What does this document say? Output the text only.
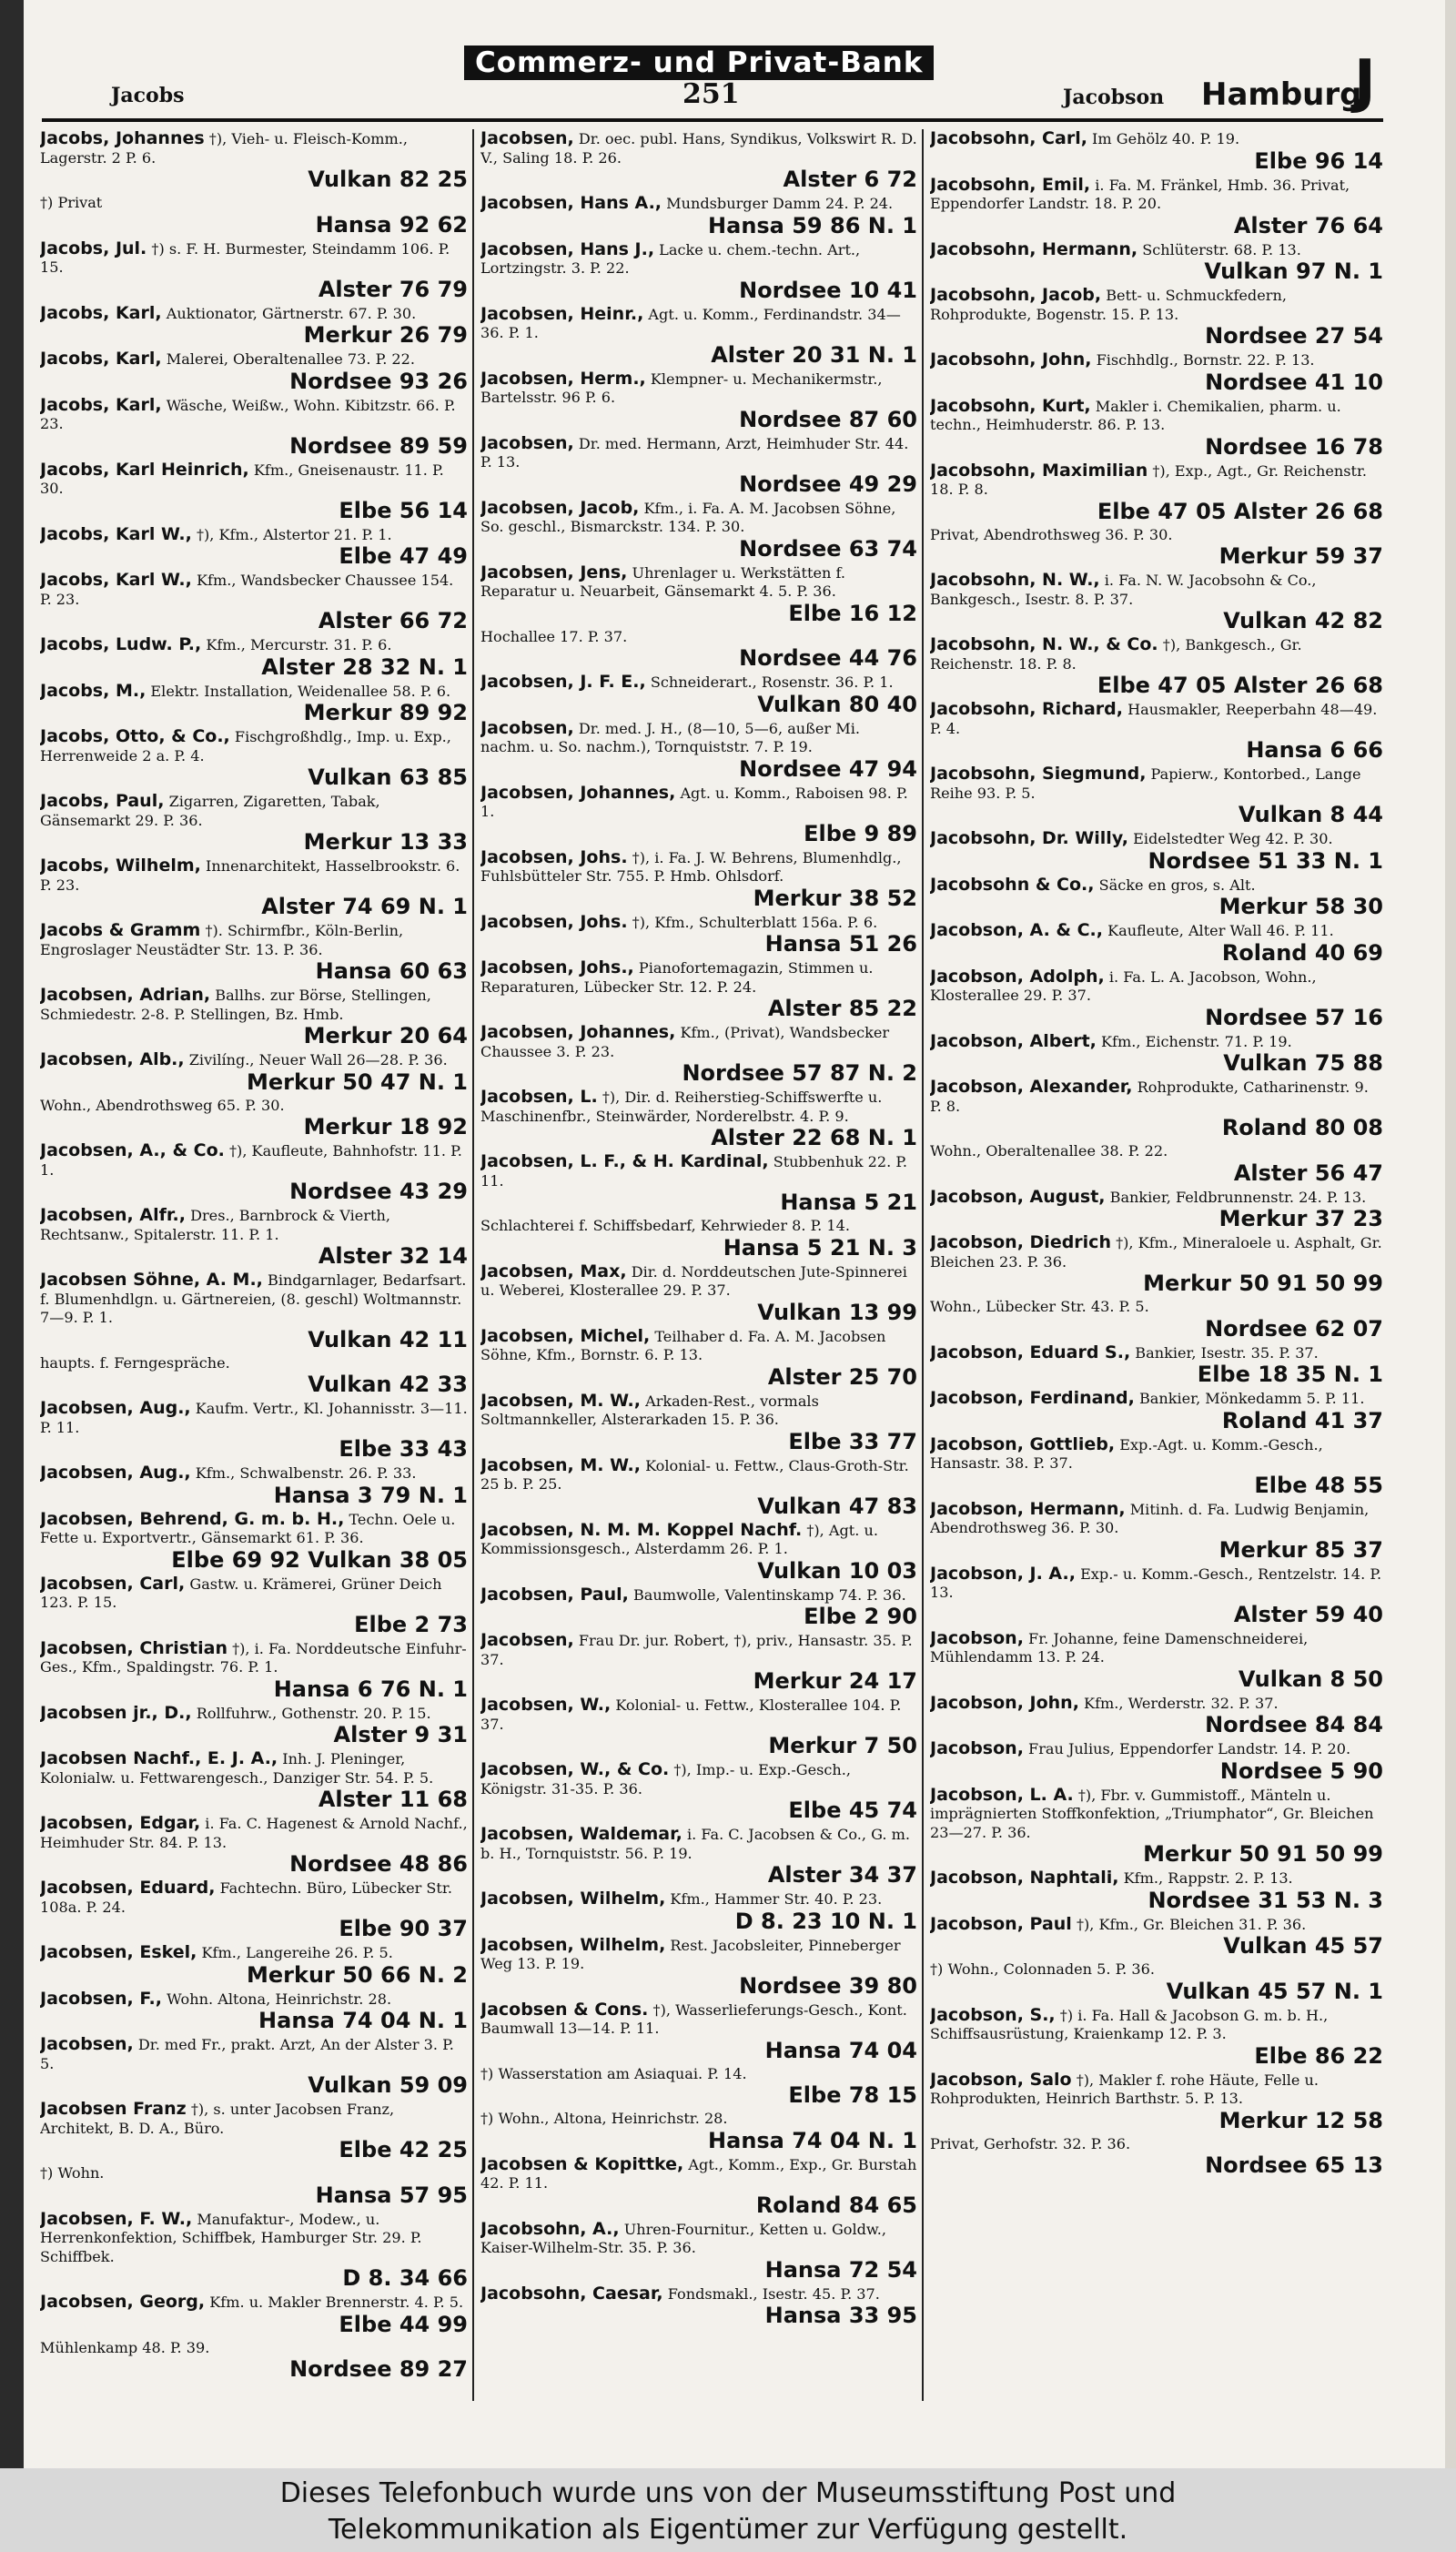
Jacobs
Commerz- und Privat-Bank
251	Jacobson Hamburg
J
Jacobs, Johannes †), Vieh- u. Fleisch-Komm., Lagerstr. 2 P. 6.
Vulkan 82 25
†) Privat
Hansa 92 62
Jacobs, Jul. †) s. F. H. Burmester, Steindamm 106. P. 15.
Alster 76 79
Jacobs, Karl, Auktionator, Gärtnerstr. 67. P. 30.
Merkur 26 79
Jacobs, Karl, Malerei, Oberaltenallee 73. P. 22.
Nordsee 93 26
Jacobs, Karl, Wäsche, Weißw., Wohn. Kibitzstr. 66. P. 23.
Nordsee 89 59
Jacobs, Karl Heinrich, Kfm., Gneisenaustr. 11. P. 30.
Elbe 56 14
Jacobs, Karl W., †), Kfm., Alstertor 21. P. 1.
Elbe 47 49
Jacobs, Karl W., Kfm., Wandsbecker Chaussee 154. P. 23.
Alster 66 72
Jacobs, Ludw. P., Kfm., Mercurstr. 31. P. 6.
Alster 28 32 N. 1
Jacobs, M., Elektr. Installation, Weidenallee 58. P. 6.
Merkur 89 92
Jacobs, Otto, & Co., Fischgroßhdlg., Imp. u. Exp., Herrenweide 2 a. P. 4.
Vulkan 63 85
Jacobs, Paul, Zigarren, Zigaretten, Tabak, Gänsemarkt 29. P. 36.
Merkur 13 33
Jacobs, Wilhelm, Innenarchitekt, Hasselbrookstr. 6. P. 23.
Alster 74 69 N. 1
Jacobs & Gramm †). Schirmfbr., Köln-Berlin, Engroslager Neustädter Str. 13. P. 36.
Hansa 60 63
Jacobsen, Adrian, Ballhs. zur Börse, Stellingen, Schmiedestr. 2-8. P. Stellingen, Bz. Hmb.
Merkur 20 64
Jacobsen, Alb., Zivilíng., Neuer Wall 26—28. P. 36.
Merkur 50 47 N. 1
Wohn., Abendrothsweg 65. P. 30.
Merkur 18 92
Jacobsen, A., & Co. †), Kaufleute, Bahnhofstr. 11. P. 1.
Nordsee 43 29
Jacobsen, Alfr., Dres., Barnbrock & Vierth, Rechtsanw., Spitalerstr. 11. P. 1.
Alster 32 14
Jacobsen Söhne, A. M., Bindgarnlager, Bedarfsart. f. Blumenhdlgn. u. Gärtnereien, (8. geschl) Woltmannstr. 7—9. P. 1.
Vulkan 42 11
haupts. f. Ferngespräche.
Vulkan 42 33
Jacobsen, Aug., Kaufm. Vertr., Kl. Johannisstr. 3—11. P. 11.
Elbe 33 43
Jacobsen, Aug., Kfm., Schwalbenstr. 26. P. 33.
Hansa 3 79 N. 1
Jacobsen, Behrend, G. m. b. H., Techn. Oele u. Fette u. Exportvertr., Gänsemarkt 61. P. 36.
Elbe 69 92 Vulkan 38 05
Jacobsen, Carl, Gastw. u. Krämerei, Grüner Deich 123. P. 15.
Elbe 2 73
Jacobsen, Christian †), i. Fa. Norddeutsche Einfuhr-Ges., Kfm., Spaldingstr. 76. P. 1.
Hansa 6 76 N. 1
Jacobsen jr., D., Rollfuhrw., Gothenstr. 20. P. 15.
Alster 9 31
Jacobsen Nachf., E. J. A., Inh. J. Pleninger, Kolonialw. u. Fettwarengesch., Danziger Str. 54. P. 5.
Alster 11 68
Jacobsen, Edgar, i. Fa. C. Hagenest & Arnold Nachf., Heimhuder Str. 84. P. 13.
Nordsee 48 86
Jacobsen, Eduard, Fachtechn. Büro, Lübecker Str. 108a. P. 24.
Elbe 90 37
Jacobsen, Eskel, Kfm., Langereihe 26. P. 5.
Merkur 50 66 N. 2
Jacobsen, F., Wohn. Altona, Heinrichstr. 28.
Hansa 74 04 N. 1
Jacobsen, Dr. med Fr., prakt. Arzt, An der Alster 3. P. 5.
Vulkan 59 09
Jacobsen Franz †), s. unter Jacobsen Franz, Architekt, B. D. A., Büro.
Elbe 42 25
†) Wohn.
Hansa 57 95
Jacobsen, F. W., Manufaktur-, Modew., u. Herrenkonfektion, Schiffbek, Hamburger Str. 29. P. Schiffbek.
D 8. 34 66
Jacobsen, Georg, Kfm. u. Makler Brennerstr. 4. P. 5.
Elbe 44 99
Mühlenkamp 48. P. 39.
Nordsee 89 27
Jacobsen, Dr. oec. publ. Hans, Syndikus, Volkswirt R. D. V., Saling 18. P. 26.
Alster 6 72
Jacobsen, Hans A., Mundsburger Damm 24. P. 24.
Hansa 59 86 N. 1
Jacobsen, Hans J., Lacke u. chem.-techn. Art., Lortzingstr. 3. P. 22.
Nordsee 10 41
Jacobsen, Heinr., Agt. u. Komm., Ferdinandstr. 34—36. P. 1.
Alster 20 31 N. 1
Jacobsen, Herm., Klempner- u. Mechanikermstr., Bartelsstr. 96 P. 6.
Nordsee 87 60
Jacobsen, Dr. med. Hermann, Arzt, Heimhuder Str. 44. P. 13.
Nordsee 49 29
Jacobsen, Jacob, Kfm., i. Fa. A. M. Jacobsen Söhne, So. geschl., Bismarckstr. 134. P. 30.
Nordsee 63 74
Jacobsen, Jens, Uhrenlager u. Werkstätten f. Reparatur u. Neuarbeit, Gänsemarkt 4. 5. P. 36.
Elbe 16 12
Hochallee 17. P. 37.
Nordsee 44 76
Jacobsen, J. F. E., Schneiderart., Rosenstr. 36. P. 1.
Vulkan 80 40
Jacobsen, Dr. med. J. H., (8—10, 5—6, außer Mi. nachm. u. So. nachm.), Tornquiststr. 7. P. 19.
Nordsee 47 94
Jacobsen, Johannes, Agt. u. Komm., Raboisen 98. P. 1.
Elbe 9 89
Jacobsen, Johs. †), i. Fa. J. W. Behrens, Blumenhdlg., Fuhlsbütteler Str. 755. P. Hmb. Ohlsdorf.
Merkur 38 52
Jacobsen, Johs. †), Kfm., Schulterblatt 156a. P. 6.
Hansa 51 26
Jacobsen, Johs., Pianofortemagazin, Stimmen u. Reparaturen, Lübecker Str. 12. P. 24.
Alster 85 22
Jacobsen, Johannes, Kfm., (Privat), Wandsbecker Chaussee 3. P. 23.
Nordsee 57 87 N. 2
Jacobsen, L. †), Dir. d. Reiherstieg-Schiffswerfte u. Maschinenfbr., Steinwärder, Norderelbstr. 4. P. 9.
Alster 22 68 N. 1
Jacobsen, L. F., & H. Kardinal, Stubbenhuk 22. P. 11.
Hansa 5 21
Schlachterei f. Schiffsbedarf, Kehrwieder 8. P. 14.
Hansa 5 21 N. 3
Jacobsen, Max, Dir. d. Norddeutschen Jute-Spinnerei u. Weberei, Klosterallee 29. P. 37.
Vulkan 13 99
Jacobsen, Michel, Teilhaber d. Fa. A. M. Jacobsen Söhne, Kfm., Bornstr. 6. P. 13.
Alster 25 70
Jacobsen, M. W., Arkaden-Rest., vormals Soltmannkeller, Alsterarkaden 15. P. 36.
Elbe 33 77
Jacobsen, M. W., Kolonial- u. Fettw., Claus-Groth-Str. 25 b. P. 25.
Vulkan 47 83
Jacobsen, N. M. M. Koppel Nachf. †), Agt. u. Kommissionsgesch., Alsterdamm 26. P. 1.
Vulkan 10 03
Jacobsen, Paul, Baumwolle, Valentinskamp 74. P. 36.
Elbe 2 90
Jacobsen, Frau Dr. jur. Robert, †), priv., Hansastr. 35. P. 37.
Merkur 24 17
Jacobsen, W., Kolonial- u. Fettw., Klosterallee 104. P. 37.
Merkur 7 50
Jacobsen, W., & Co. †), Imp.- u. Exp.-Gesch., Königstr. 31-35. P. 36.
Elbe 45 74
Jacobsen, Waldemar, i. Fa. C. Jacobsen & Co., G. m. b. H., Tornquiststr. 56. P. 19.
Alster 34 37
Jacobsen, Wilhelm, Kfm., Hammer Str. 40. P. 23.
D 8. 23 10 N. 1
Jacobsen, Wilhelm, Rest. Jacobsleiter, Pinneberger Weg 13. P. 19.
Nordsee 39 80
Jacobsen & Cons. †), Wasserlieferungs-Gesch., Kont. Baumwall 13—14. P. 11.
Hansa 74 04
†) Wasserstation am Asiaquai. P. 14.
Elbe 78 15
†) Wohn., Altona, Heinrichstr. 28.
Hansa 74 04 N. 1
Jacobsen & Kopittke, Agt., Komm., Exp., Gr. Burstah 42. P. 11.
Roland 84 65
Jacobsohn, A., Uhren-Fournitur., Ketten u. Goldw., Kaiser-Wilhelm-Str. 35. P. 36.
Hansa 72 54
Jacobsohn, Caesar, Fondsmakl., Isestr. 45. P. 37.
Hansa 33 95
Jacobsohn, Carl, Im Gehölz 40. P. 19.
Elbe 96 14
Jacobsohn, Emil, i. Fa. M. Fränkel, Hmb. 36. Privat, Eppendorfer Landstr. 18. P. 20.
Alster 76 64
Jacobsohn, Hermann, Schlüterstr. 68. P. 13.
Vulkan 97 N. 1
Jacobsohn, Jacob, Bett- u. Schmuckfedern, Rohprodukte, Bogenstr. 15. P. 13.
Nordsee 27 54
Jacobsohn, John, Fischhdlg., Bornstr. 22. P. 13.
Nordsee 41 10
Jacobsohn, Kurt, Makler i. Chemikalien, pharm. u. techn., Heimhuderstr. 86. P. 13.
Nordsee 16 78
Jacobsohn, Maximilian †), Exp., Agt., Gr. Reichenstr. 18. P. 8.
Elbe 47 05 Alster 26 68
Privat, Abendrothsweg 36. P. 30.
Merkur 59 37
Jacobsohn, N. W., i. Fa. N. W. Jacobsohn & Co., Bankgesch., Isestr. 8. P. 37.
Vulkan 42 82
Jacobsohn, N. W., & Co. †), Bankgesch., Gr. Reichenstr. 18. P. 8.
Elbe 47 05 Alster 26 68
Jacobsohn, Richard, Hausmakler, Reeperbahn 48—49. P. 4.
Hansa 6 66
Jacobsohn, Siegmund, Papierw., Kontorbed., Lange Reihe 93. P. 5.
Vulkan 8 44
Jacobsohn, Dr. Willy, Eidelstedter Weg 42. P. 30.
Nordsee 51 33 N. 1
Jacobsohn & Co., Säcke en gros, s. Alt.
Merkur 58 30
Jacobson, A. & C., Kaufleute, Alter Wall 46. P. 11.
Roland 40 69
Jacobson, Adolph, i. Fa. L. A. Jacobson, Wohn., Klosterallee 29. P. 37.
Nordsee 57 16
Jacobson, Albert, Kfm., Eichenstr. 71. P. 19.
Vulkan 75 88
Jacobson, Alexander, Rohprodukte, Catharinenstr. 9. P. 8.
Roland 80 08
Wohn., Oberaltenallee 38. P. 22.
Alster 56 47
Jacobson, August, Bankier, Feldbrunnenstr. 24. P. 13.
Merkur 37 23
Jacobson, Diedrich †), Kfm., Mineraloele u. Asphalt, Gr. Bleichen 23. P. 36.
Merkur 50 91 50 99
Wohn., Lübecker Str. 43. P. 5.
Nordsee 62 07
Jacobson, Eduard S., Bankier, Isestr. 35. P. 37.
Elbe 18 35 N. 1
Jacobson, Ferdinand, Bankier, Mönkedamm 5. P. 11.
Roland 41 37
Jacobson, Gottlieb, Exp.-Agt. u. Komm.-Gesch., Hansastr. 38. P. 37.
Elbe 48 55
Jacobson, Hermann, Mitinh. d. Fa. Ludwig Benjamin, Abendrothsweg 36. P. 30.
Merkur 85 37
Jacobson, J. A., Exp.- u. Komm.-Gesch., Rentzelstr. 14. P. 13.
Alster 59 40
Jacobson, Fr. Johanne, feine Damenschneiderei, Mühlendamm 13. P. 24.
Vulkan 8 50
Jacobson, John, Kfm., Werderstr. 32. P. 37.
Nordsee 84 84
Jacobson, Frau Julius, Eppendorfer Landstr. 14. P. 20.
Nordsee 5 90
Jacobson, L. A. †), Fbr. v. Gummistoff., Mänteln u. imprägnierten Stoffkonfektion, „Triumphator“, Gr. Bleichen 23—27. P. 36.
Merkur 50 91 50 99
Jacobson, Naphtali, Kfm., Rappstr. 2. P. 13.
Nordsee 31 53 N. 3
Jacobson, Paul †), Kfm., Gr. Bleichen 31. P. 36.
Vulkan 45 57
†) Wohn., Colonnaden 5. P. 36.
Vulkan 45 57 N. 1
Jacobson, S., †) i. Fa. Hall & Jacobson G. m. b. H., Schiffsausrüstung, Kraienkamp 12. P. 3.
Elbe 86 22
Jacobson, Salo †), Makler f. rohe Häute, Felle u. Rohprodukten, Heinrich Barthstr. 5. P. 13.
Merkur 12 58
Privat, Gerhofstr. 32. P. 36.
Nordsee 65 13
Dieses Telefonbuch wurde uns von der Museumsstiftung Post und
Telekommunikation als Eigentümer zur Verfügung gestellt.
